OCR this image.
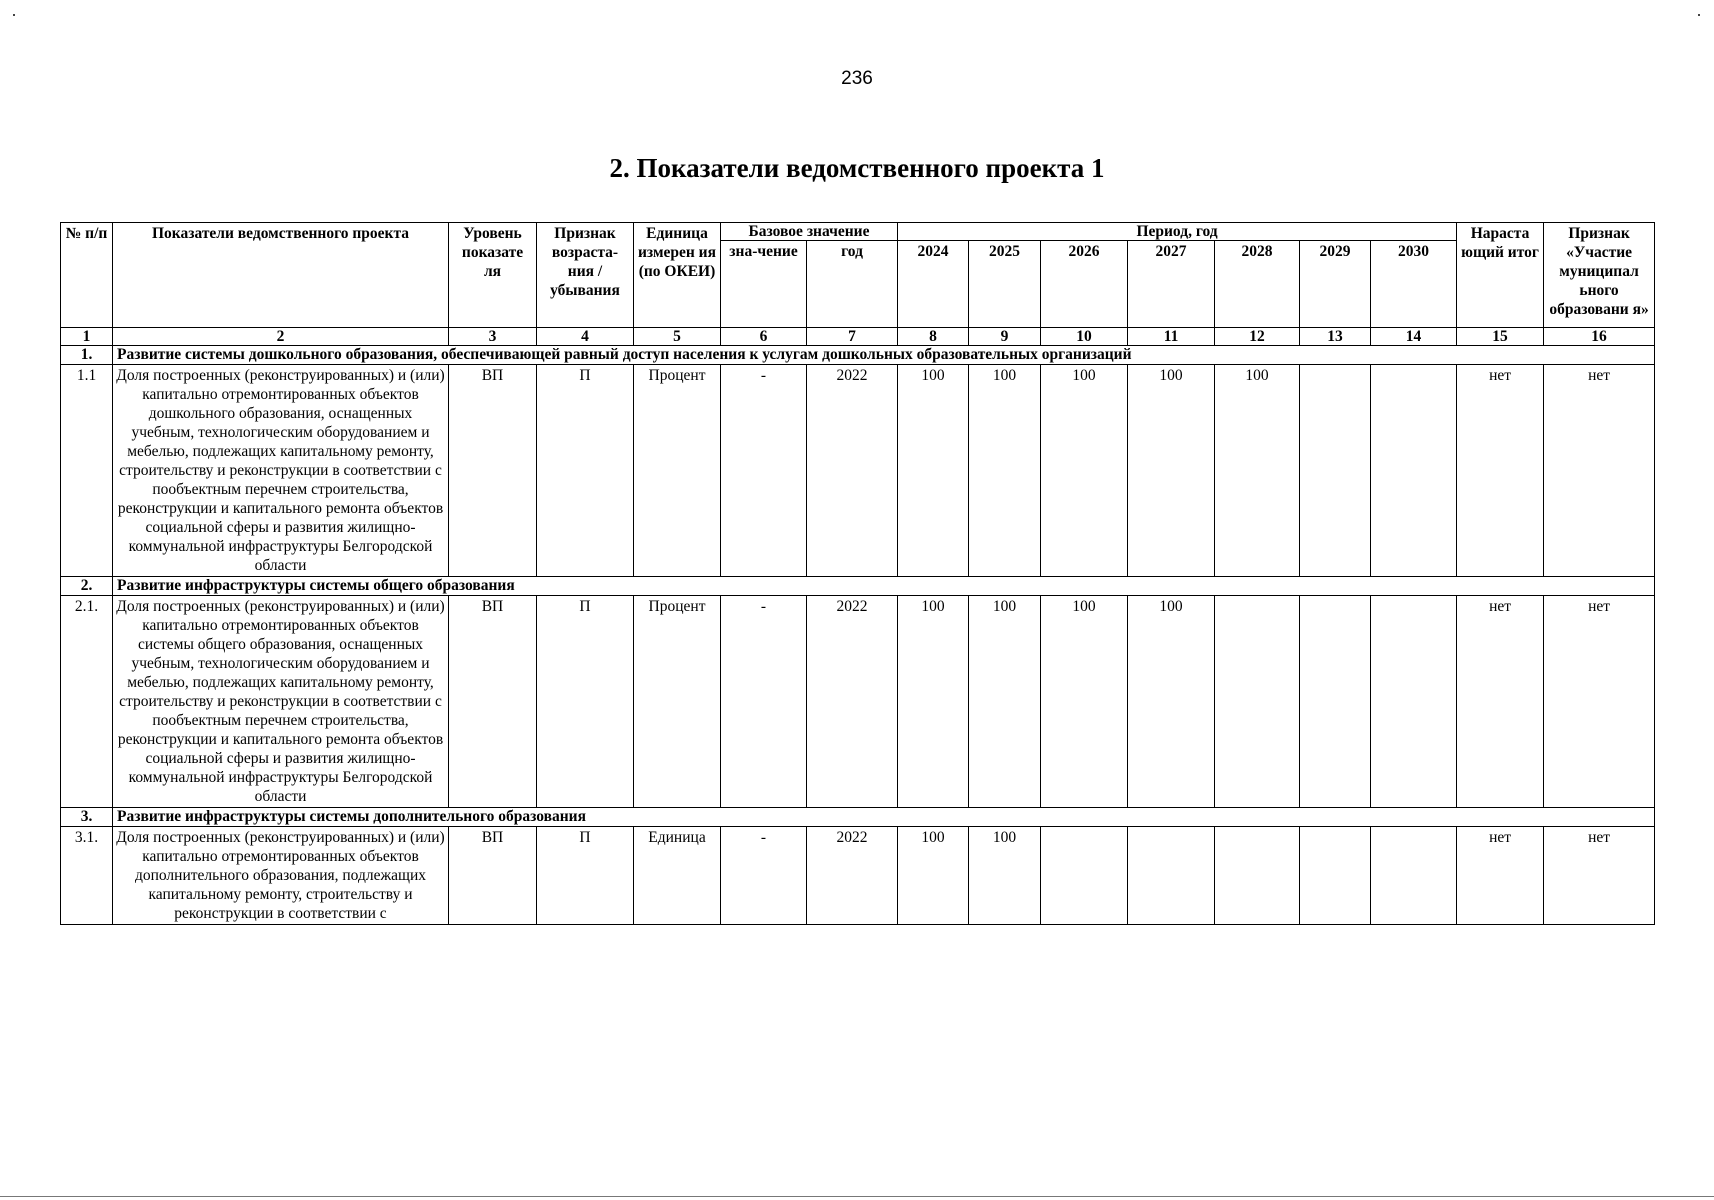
236
2. Показатели ведомственного проекта 1
№ п/п	Показатели ведомственного проекта	Уровень показате ля	Признак возраста-ния / убывания	Единица измерен ия (по ОКЕИ)	Базовое значение		Период, год							Нараста ющий итог	Признак «Участие муниципал ьного образовани я»
					зна-чение	год	2024	2025	2026	2027	2028	2029	2030		
1	2	3	4	5	6	7	8	9	10	11	12	13	14	15	16
1.	Развитие системы дошкольного образования, обеспечивающей равный доступ населения к услугам дошкольных образовательных организаций														
1.1	Доля построенных (реконструированных) и (или) капитально отремонтированных объектов дошкольного образования, оснащенных учебным, технологическим оборудованием и мебелью, подлежащих капитальному ремонту, строительству и реконструкции в соответствии с пообъектным перечнем строительства, реконструкции и капитального ремонта объектов социальной сферы и развития жилищно-коммунальной инфраструктуры Белгородской области	ВП	П	Процент	-	2022	100	100	100	100	100			нет	нет
2.	Развитие инфраструктуры системы общего образования														
2.1.	Доля построенных (реконструированных) и (или) капитально отремонтированных объектов системы общего образования, оснащенных учебным, технологическим оборудованием и мебелью, подлежащих капитальному ремонту, строительству и реконструкции в соответствии с пообъектным перечнем строительства, реконструкции и капитального ремонта объектов социальной сферы и развития жилищно-коммунальной инфраструктуры Белгородской области	ВП	П	Процент	-	2022	100	100	100	100				нет	нет
3.	Развитие инфраструктуры системы дополнительного образования														
3.1.	Доля построенных (реконструированных) и (или) капитально отремонтированных объектов дополнительного образования, подлежащих капитальному ремонту, строительству и реконструкции в соответствии с	ВП	П	Единица	-	2022	100	100						нет	нет
